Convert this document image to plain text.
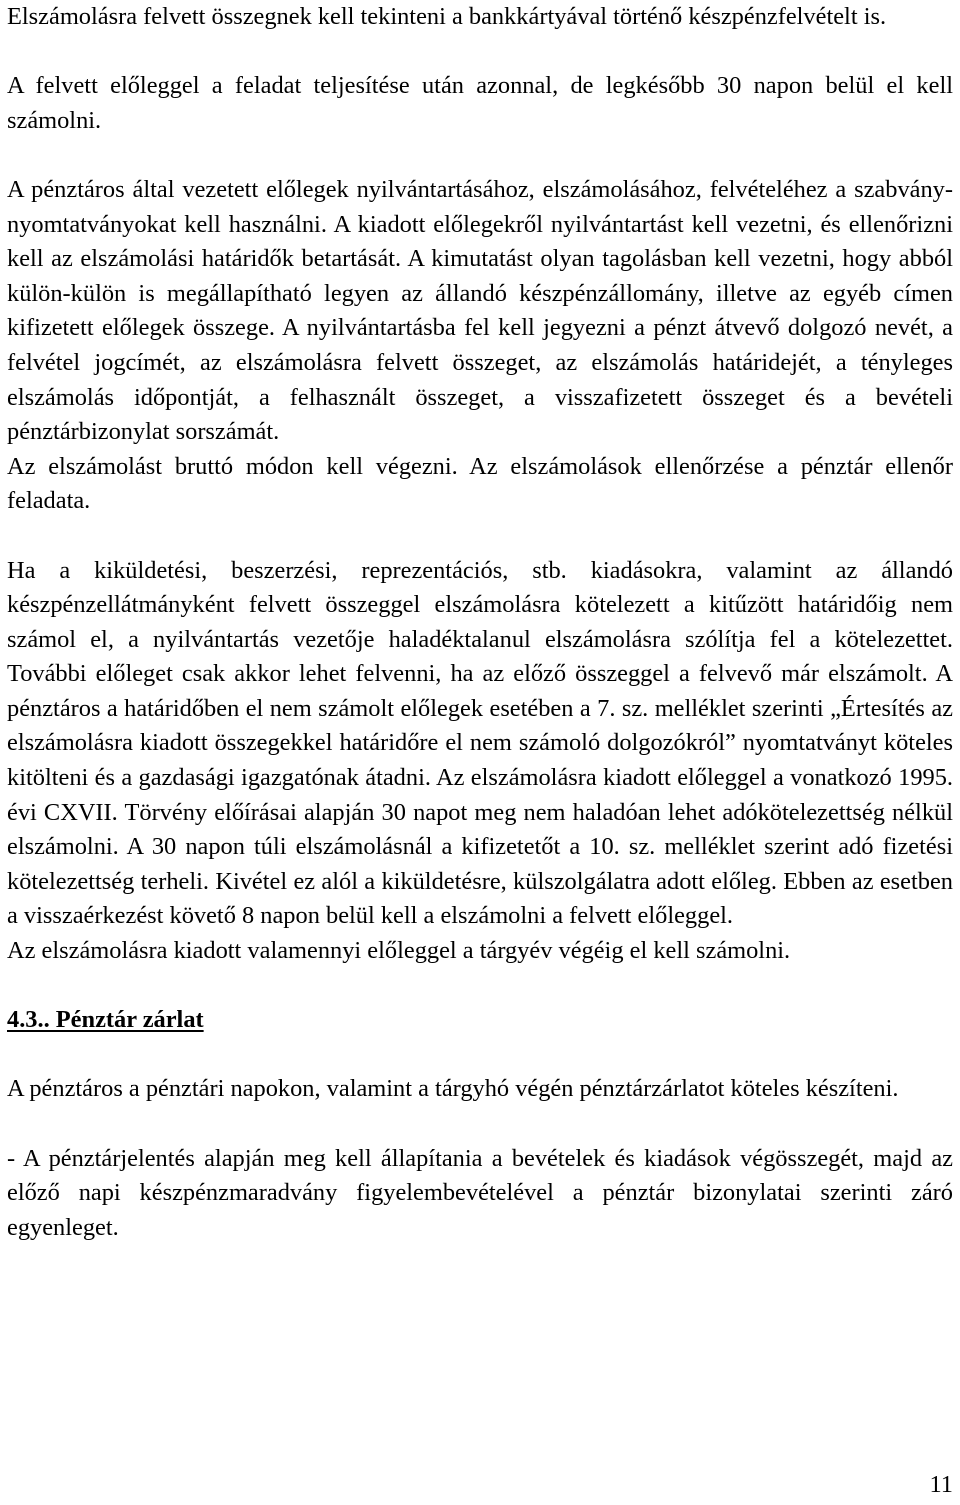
Elszámolásra felvett összegnek kell tekinteni a bankkártyával történő készpénzfelvételt is.

A felvett előleggel a feladat teljesítése után azonnal, de legkésőbb 30 napon belül el kell számolni.

A pénztáros által vezetett előlegek nyilvántartásához, elszámolásához, felvételéhez a szabvány-nyomtatványokat kell használni. A kiadott előlegekről nyilvántartást kell vezetni, és ellenőrizni kell az elszámolási határidők betartását. A kimutatást olyan tagolásban kell vezetni, hogy abból külön-külön is megállapítható legyen az állandó készpénzállomány, illetve az egyéb címen kifizetett előlegek összege. A nyilvántartásba fel kell jegyezni a pénzt átvevő dolgozó nevét, a felvétel jogcímét, az elszámolásra felvett összeget, az elszámolás határidejét, a tényleges elszámolás időpontját, a felhasznált összeget, a visszafizetett összeget és a bevételi pénztárbizonylat sorszámát.

Az elszámolást bruttó módon kell végezni. Az elszámolások ellenőrzése a pénztár ellenőr feladata.

Ha a kiküldetési, beszerzési, reprezentációs, stb. kiadásokra, valamint az állandó készpénzellátmányként felvett összeggel elszámolásra kötelezett a kitűzött határidőig nem számol el, a nyilvántartás vezetője haladéktalanul elszámolásra szólítja fel a kötelezettet. További előleget csak akkor lehet felvenni, ha az előző összeggel a felvevő már elszámolt. A pénztáros a határidőben el nem számolt előlegek esetében a 7. sz. melléklet szerinti „Értesítés az elszámolásra kiadott összegekkel határidőre el nem számoló dolgozókról” nyomtatványt köteles kitölteni és a gazdasági igazgatónak átadni. Az elszámolásra kiadott előleggel a vonatkozó 1995. évi CXVII. Törvény előírásai alapján 30 napot meg nem haladóan lehet adókötelezettség nélkül elszámolni. A 30 napon túli elszámolásnál a kifizetetőt a 10. sz. melléklet szerint adó fizetési kötelezettség terheli. Kivétel ez alól a kiküldetésre, külszolgálatra adott előleg. Ebben az esetben a visszaérkezést követő 8 napon belül kell a elszámolni a felvett előleggel.

Az elszámolásra kiadott valamennyi előleggel a tárgyév végéig el kell számolni.

4.3.. Pénztár zárlat

A pénztáros a pénztári napokon, valamint a tárgyhó végén pénztárzárlatot köteles készíteni.

- A pénztárjelentés alapján meg kell állapítania a bevételek és kiadások végösszegét, majd az előző napi készpénzmaradvány figyelembevételével a pénztár bizonylatai szerinti záró egyenleget.

11
